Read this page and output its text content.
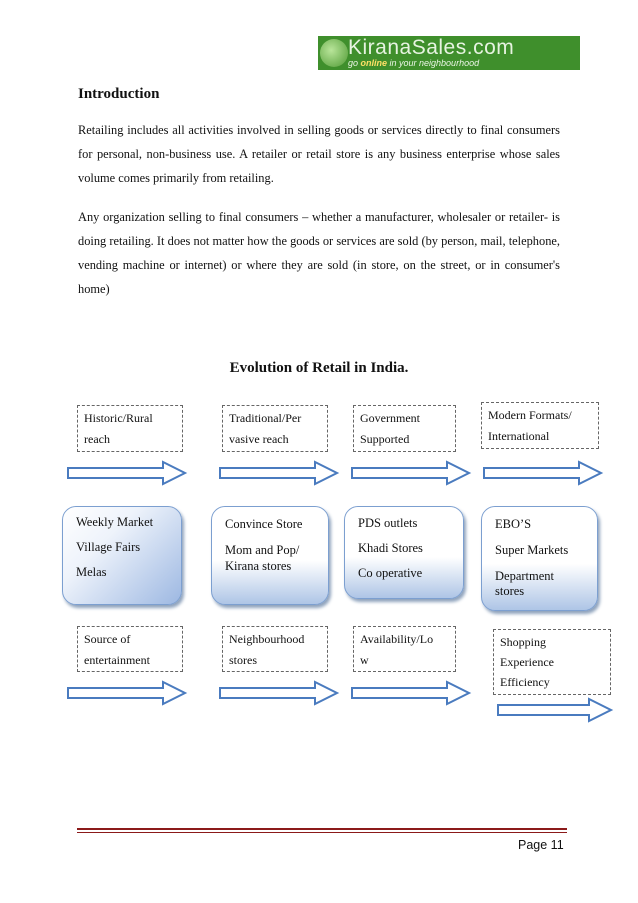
KiranaSales.com
go online in your neighbourhood
Introduction

Retailing includes all activities involved in selling goods or services directly to final consumers for personal, non-business use. A retailer or retail store is any business enterprise whose sales volume comes primarily from retailing.

Any organization selling to final consumers – whether a manufacturer, wholesaler or retailer- is doing retailing. It does not matter how the goods or services are sold (by person, mail, telephone, vending machine or internet) or where they are sold (in store, on the street, or in consumer's home)

Evolution of Retail in India.
Historic/Rural
reach
Traditional/Per
vasive reach
Government
Supported
Modern Formats/
International
Weekly Market
Village Fairs
Melas
Convince Store
Mom and Pop/
Kirana stores
PDS outlets
Khadi Stores
Co operative
EBO’S
Super Markets
Department
stores
Source of
entertainment
Neighbourhood
stores
Availability/Lo
w
Shopping
Experience
Efficiency
Page 11
